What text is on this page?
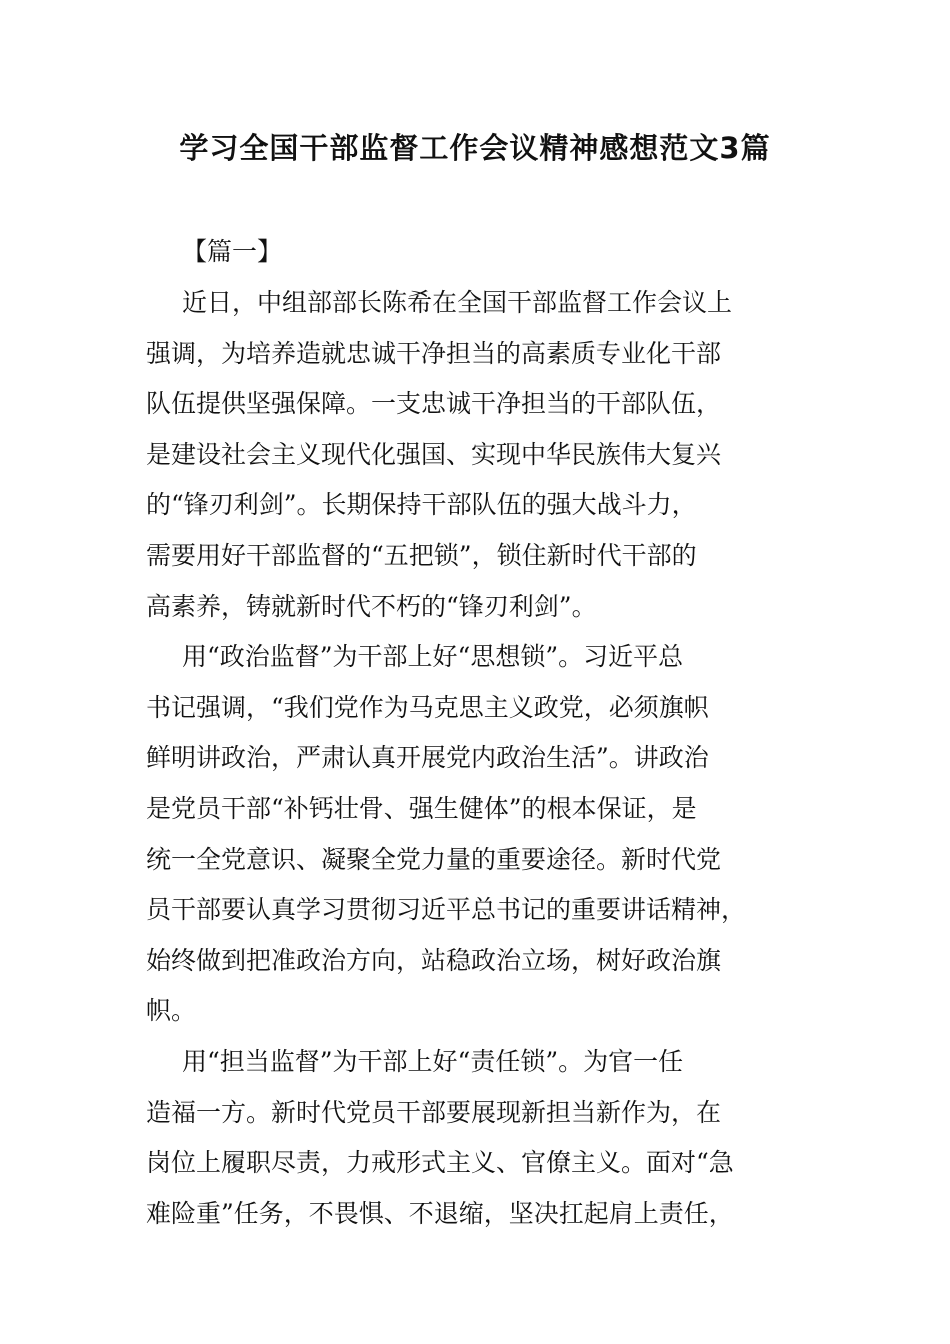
学习全国干部监督工作会议精神感想范文3篇

【篇一】

近日，中组部部长陈希在全国干部监督工作会议上
强调，为培养造就忠诚干净担当的高素质专业化干部
队伍提供坚强保障。一支忠诚干净担当的干部队伍，
是建设社会主义现代化强国、实现中华民族伟大复兴
的“锋刃利剑”。长期保持干部队伍的强大战斗力，
需要用好干部监督的“五把锁”，锁住新时代干部的
高素养，铸就新时代不朽的“锋刃利剑”。

用“政治监督”为干部上好“思想锁”。习近平总
书记强调，“我们党作为马克思主义政党，必须旗帜
鲜明讲政治，严肃认真开展党内政治生活”。讲政治
是党员干部“补钙壮骨、强生健体”的根本保证，是
统一全党意识、凝聚全党力量的重要途径。新时代党
员干部要认真学习贯彻习近平总书记的重要讲话精神，
始终做到把准政治方向，站稳政治立场，树好政治旗
帜。

用“担当监督”为干部上好“责任锁”。为官一任
造福一方。新时代党员干部要展现新担当新作为，在
岗位上履职尽责，力戒形式主义、官僚主义。面对“急
难险重”任务，不畏惧、不退缩，坚决扛起肩上责任，
